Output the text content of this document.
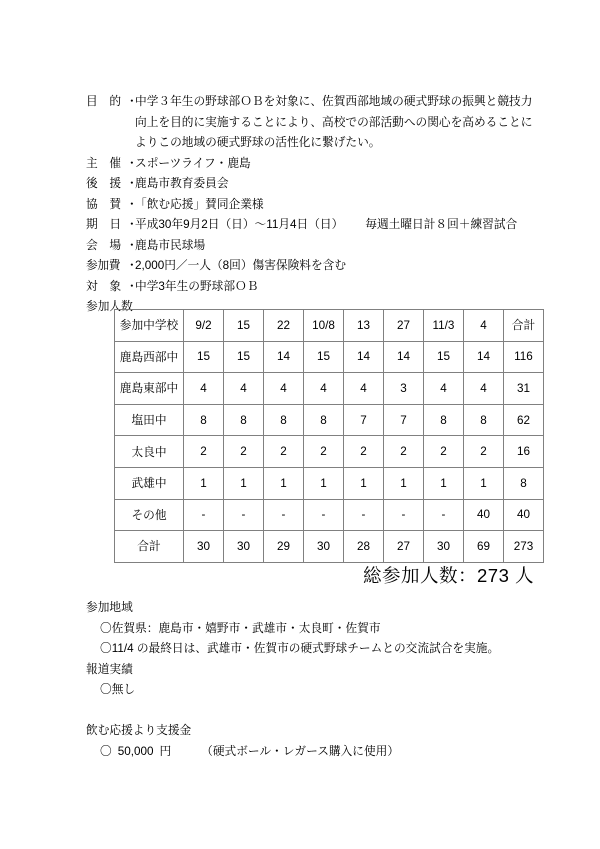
目　的 ・
中学３年生の野球部ＯＢを対象に、佐賀西部地域の硬式野球の振興と競技力
向上を目的に実施することにより、高校での部活動への関心を高めることに
よりこの地域の硬式野球の活性化に繋げたい。
主　催 ・
スポーツライフ・鹿島
後　援 ・
鹿島市教育委員会
協　賛 ・
「飲む応援」賛同企業様
期　日 ・
平成30年9月2日（日）〜11月4日（日） 毎週土曜日計８回＋練習試合
会　場 ・
鹿島市民球場
参加費 ・
2,000円／一人（8回）傷害保険料を含む
対　象 ・
中学3年生の野球部ＯＢ
参加人数
参加中学校	9/2	15	22	10/8	13	27	11/3	4	合計
鹿島西部中	15	15	14	15	14	14	15	14	116
鹿島東部中	4	4	4	4	4	3	4	4	31
塩田中	8	8	8	8	7	7	8	8	62
太良中	2	2	2	2	2	2	2	2	16
武雄中	1	1	1	1	1	1	1	1	8
その他	-	-	-	-	-	-	-	40	40
合計	30	30	29	30	28	27	30	69	273
総参加人数：273 人
参加地域
〇佐賀県：鹿島市・嬉野市・武雄市・太良町・佐賀市
〇11/4 の最終日は、武雄市・佐賀市の硬式野球チームとの交流試合を実施。
報道実績
〇無し
飲む応援より支援金
〇 50,000 円	（硬式ボール・レガース購入に使用）
